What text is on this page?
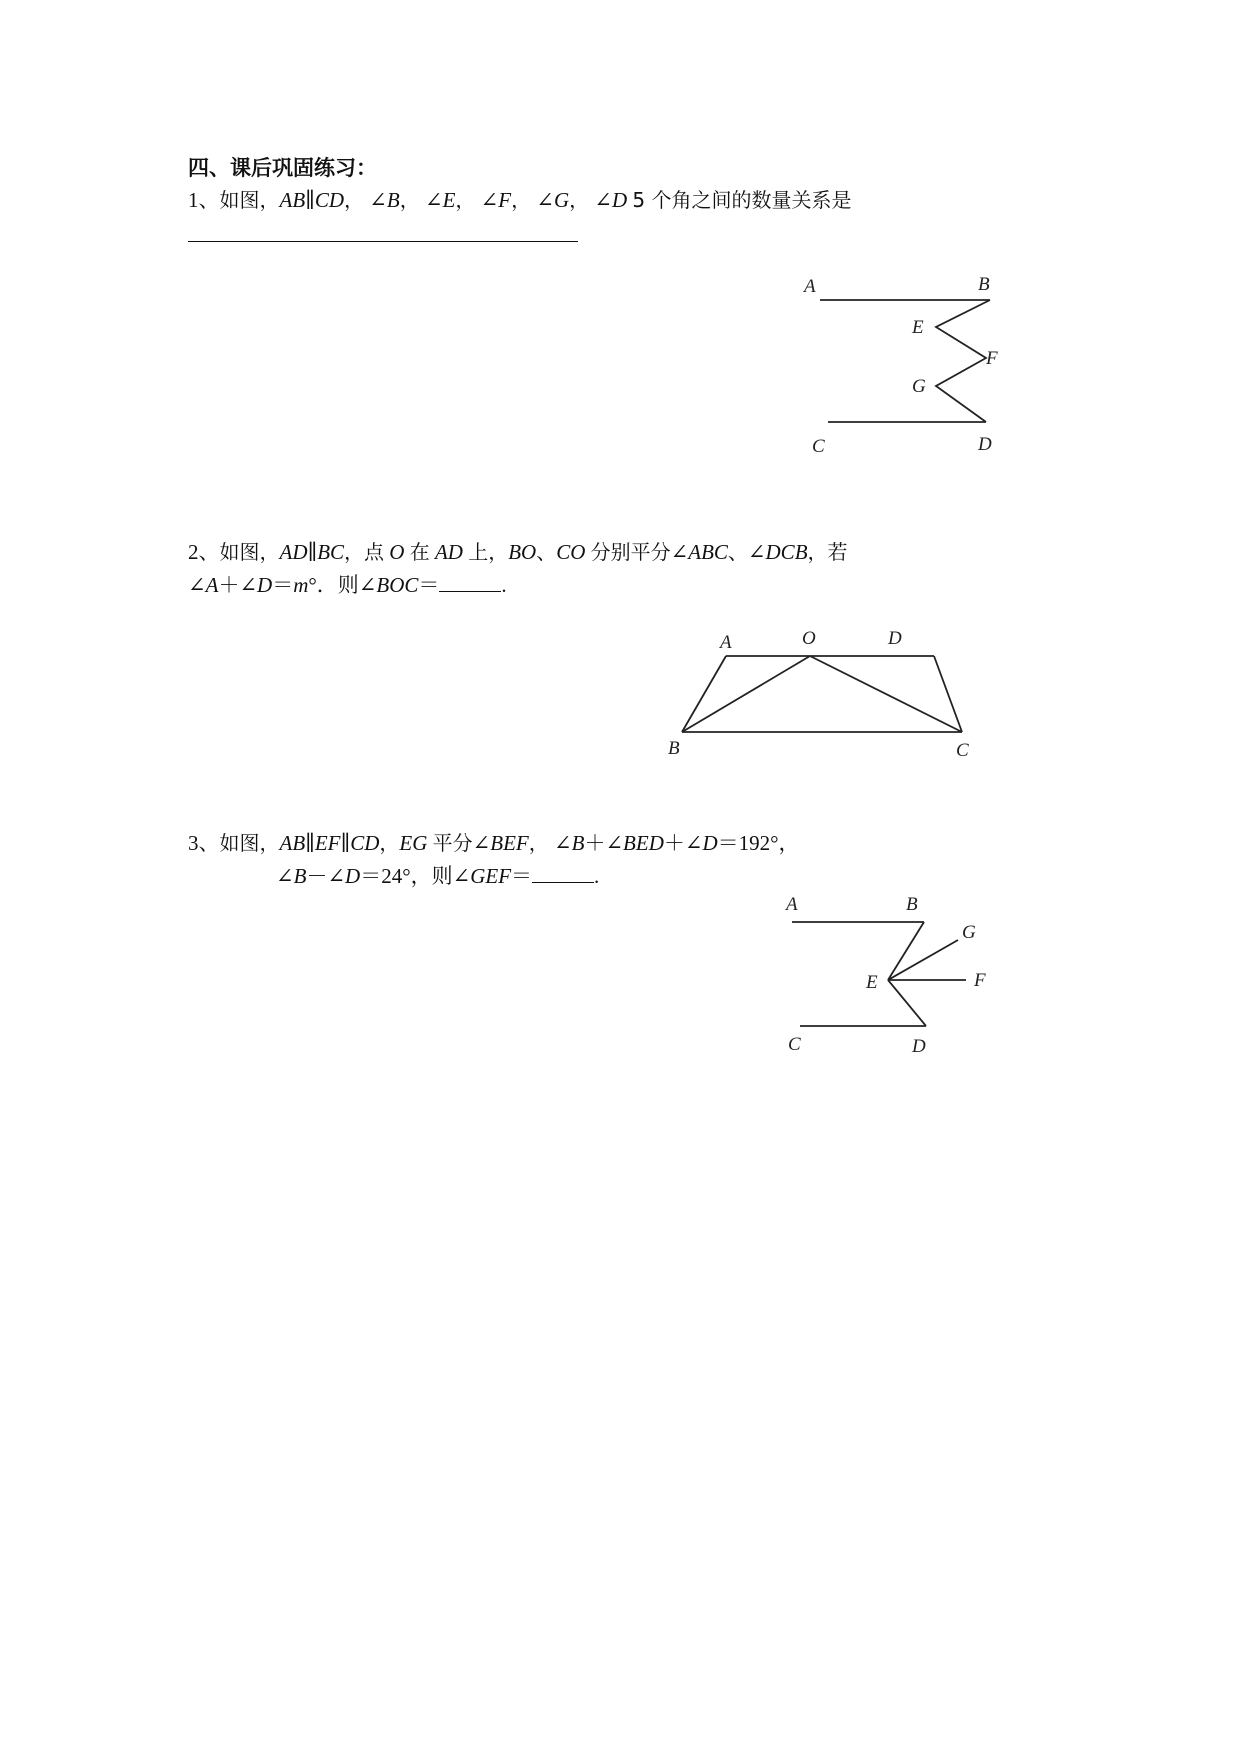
四、课后巩固练习：
1、如图，AB∥CD， ∠B， ∠E， ∠F， ∠G， ∠D 5 个角之间的数量关系是
A	B
E
F
G
C	D
2、如图，AD∥BC，点 O 在 AD 上，BO、CO 分别平分∠ABC、∠DCB，若
∠A＋∠D＝m°．则∠BOC＝	.
A	O	D
B	C
3、如图，AB∥EF∥CD，EG 平分∠BEF， ∠B＋∠BED＋∠D＝192°，
∠B－∠D＝24°，则∠GEF＝	.
A	B
G
E	F
C	D
